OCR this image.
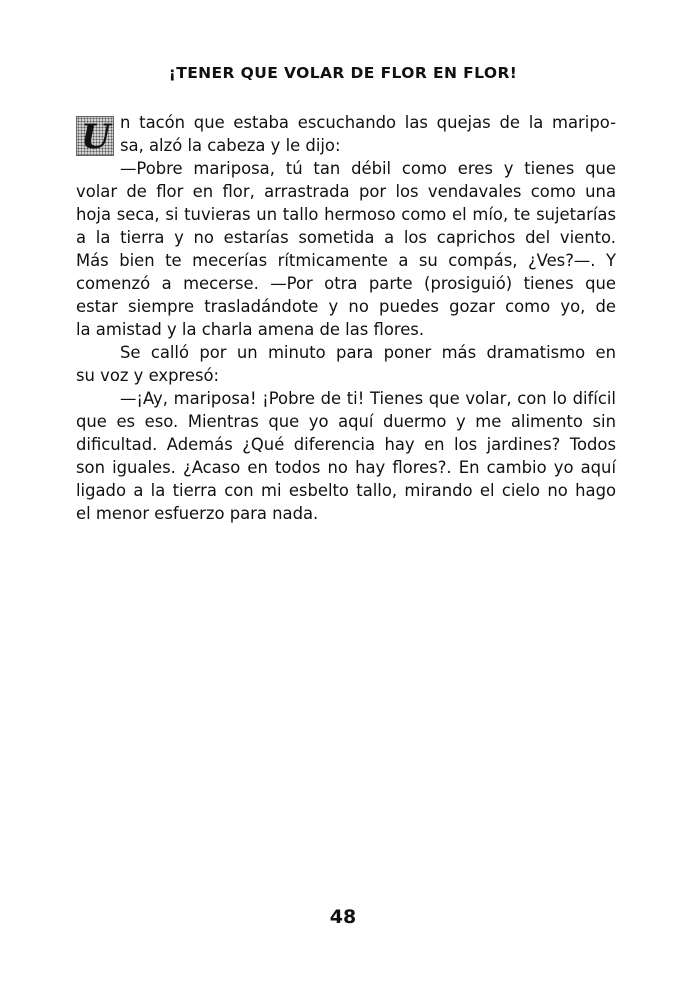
¡TENER QUE VOLAR DE FLOR EN FLOR!
U n tacón que estaba escuchando las quejas de la maripo-
sa, alzó la cabeza y le dijo:
—Pobre mariposa, tú tan débil como eres y tienes que
volar de flor en flor, arrastrada por los vendavales como una
hoja seca, si tuvieras un tallo hermoso como el mío, te sujetarías
a la tierra y no estarías sometida a los caprichos del viento.
Más bien te mecerías rítmicamente a su compás, ¿Ves?—. Y
comenzó a mecerse. —Por otra parte (prosiguió) tienes que
estar siempre trasladándote y no puedes gozar como yo, de
la amistad y la charla amena de las flores.
Se calló por un minuto para poner más dramatismo en
su voz y expresó:
—¡Ay, mariposa! ¡Pobre de ti! Tienes que volar, con lo difícil
que es eso. Mientras que yo aquí duermo y me alimento sin
dificultad. Además ¿Qué diferencia hay en los jardines? Todos
son iguales. ¿Acaso en todos no hay flores?. En cambio yo aquí
ligado a la tierra con mi esbelto tallo, mirando el cielo no hago
el menor esfuerzo para nada.
48
